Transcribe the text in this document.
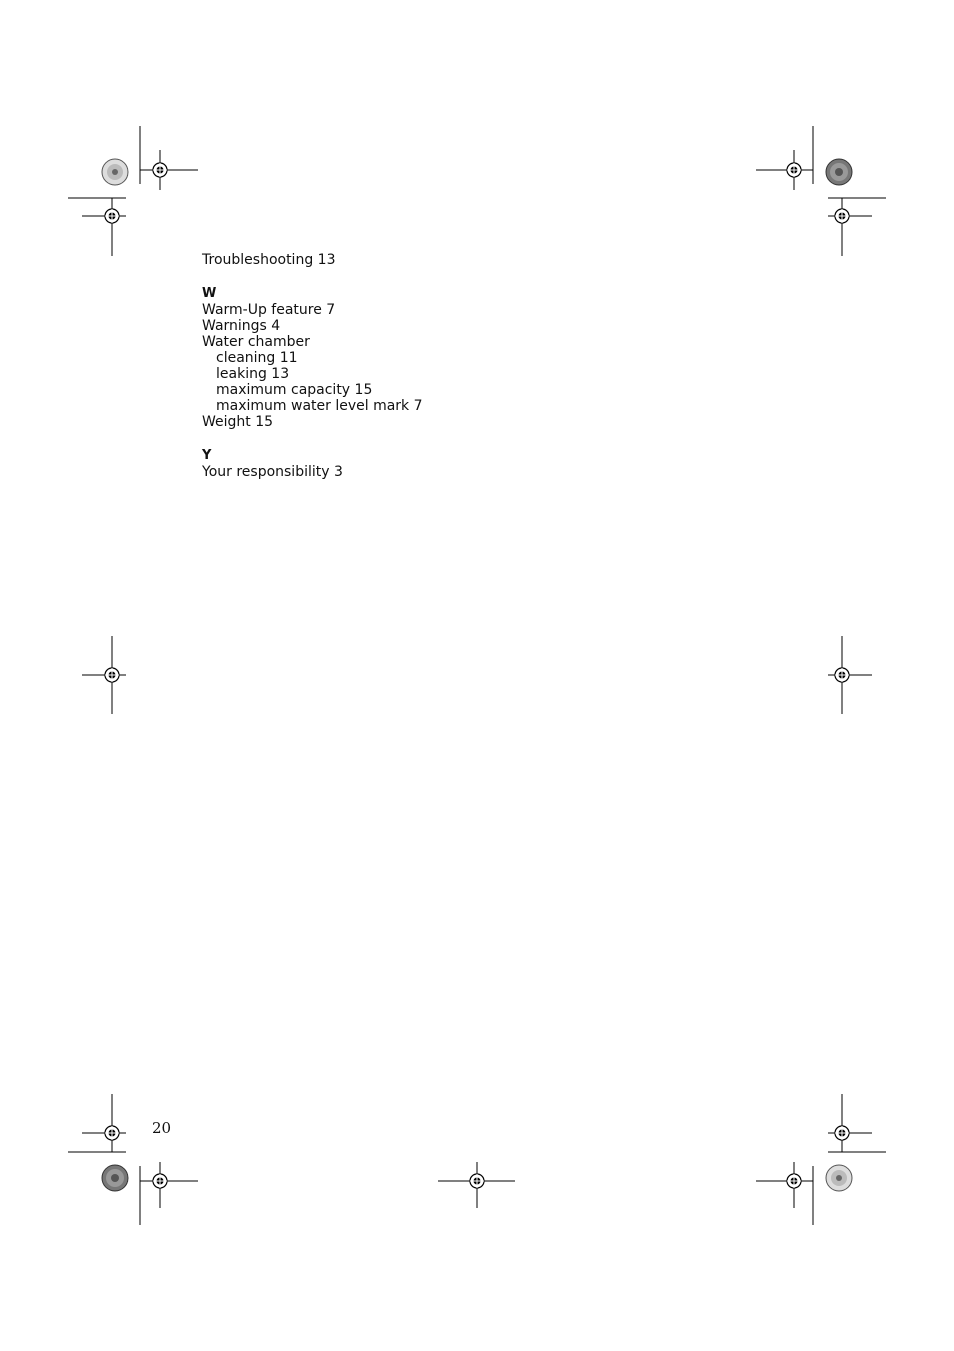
Troubleshooting 13
W
Warm-Up feature 7
Warnings 4
Water chamber
cleaning 11
leaking 13
maximum capacity 15
maximum water level mark 7
Weight 15
Y
Your responsibility 3
20
